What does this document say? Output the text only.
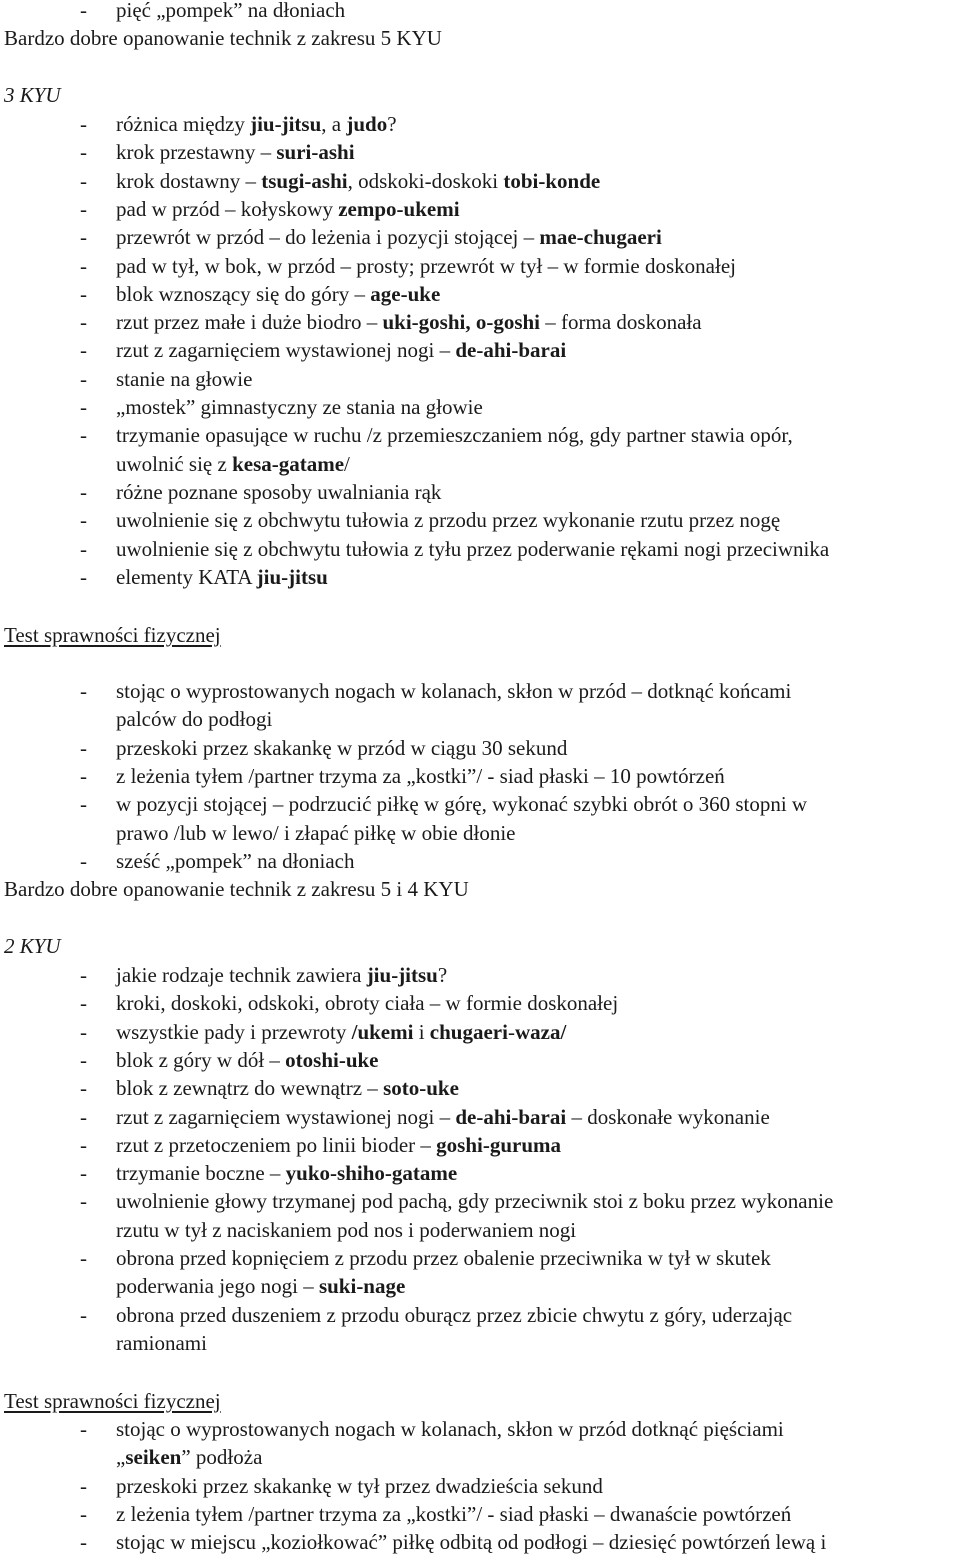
- pięć „pompek” na dłoniach
Bardzo dobre opanowanie technik z zakresu 5 KYU
3 KYU
- różnica między jiu-jitsu, a judo?
- krok przestawny – suri-ashi
- krok dostawny – tsugi-ashi, odskoki-doskoki tobi-konde
- pad w przód – kołyskowy zempo-ukemi
- przewrót w przód – do leżenia i pozycji stojącej – mae-chugaeri
- pad w tył, w bok, w przód – prosty; przewrót w tył – w formie doskonałej
- blok wznoszący się do góry – age-uke
- rzut przez małe i duże biodro – uki-goshi, o-goshi – forma doskonała
- rzut z zagarnięciem wystawionej nogi – de-ahi-barai
- stanie na głowie
- „mostek” gimnastyczny ze stania na głowie
- trzymanie opasujące w ruchu /z przemieszczaniem nóg, gdy partner stawia opór,
uwolnić się z kesa-gatame/
- różne poznane sposoby uwalniania rąk
- uwolnienie się z obchwytu tułowia z przodu przez wykonanie rzutu przez nogę
- uwolnienie się z obchwytu tułowia z tyłu przez poderwanie rękami nogi przeciwnika
- elementy KATA jiu-jitsu
Test sprawności fizycznej
- stojąc o wyprostowanych nogach w kolanach, skłon w przód – dotknąć końcami
palców do podłogi
- przeskoki przez skakankę w przód w ciągu 30 sekund
- z leżenia tyłem /partner trzyma za „kostki”/ - siad płaski – 10 powtórzeń
- w pozycji stojącej – podrzucić piłkę w górę, wykonać szybki obrót o 360 stopni w
prawo /lub w lewo/ i złapać piłkę w obie dłonie
- sześć „pompek” na dłoniach
Bardzo dobre opanowanie technik z zakresu 5 i 4 KYU
2 KYU
- jakie rodzaje technik zawiera jiu-jitsu?
- kroki, doskoki, odskoki, obroty ciała – w formie doskonałej
- wszystkie pady i przewroty /ukemi i chugaeri-waza/
- blok z góry w dół – otoshi-uke
- blok z zewnątrz do wewnątrz – soto-uke
- rzut z zagarnięciem wystawionej nogi – de-ahi-barai – doskonałe wykonanie
- rzut z przetoczeniem po linii bioder – goshi-guruma
- trzymanie boczne – yuko-shiho-gatame
- uwolnienie głowy trzymanej pod pachą, gdy przeciwnik stoi z boku przez wykonanie
rzutu w tył z naciskaniem pod nos i poderwaniem nogi
- obrona przed kopnięciem z przodu przez obalenie przeciwnika w tył w skutek
poderwania jego nogi – suki-nage
- obrona przed duszeniem z przodu oburącz przez zbicie chwytu z góry, uderzając
ramionami
Test sprawności fizycznej
- stojąc o wyprostowanych nogach w kolanach, skłon w przód dotknąć pięściami
„seiken” podłoża
- przeskoki przez skakankę w tył przez dwadzieścia sekund
- z leżenia tyłem /partner trzyma za „kostki”/ - siad płaski – dwanaście powtórzeń
- stojąc w miejscu „koziołkować” piłkę odbitą od podłogi – dziesięć powtórzeń lewą i
